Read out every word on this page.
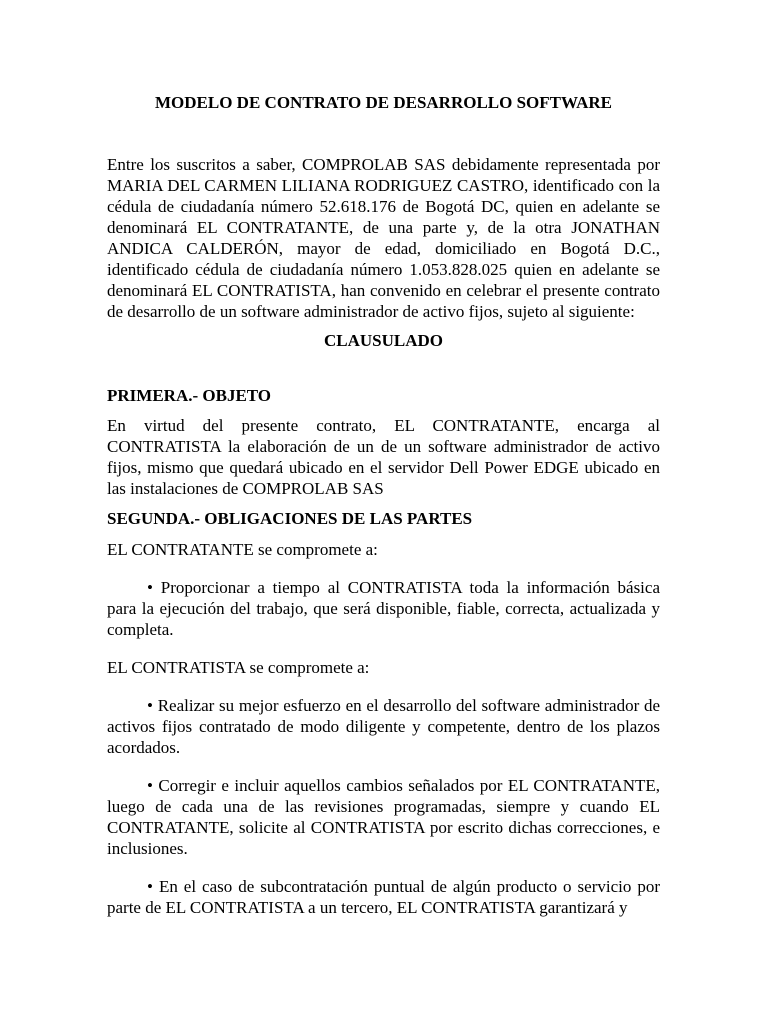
MODELO DE CONTRATO DE DESARROLLO SOFTWARE

Entre los suscritos a saber, COMPROLAB SAS debidamente representada por MARIA DEL CARMEN LILIANA RODRIGUEZ CASTRO, identificado con la cédula de ciudadanía número 52.618.176 de Bogotá DC, quien en adelante se denominará EL CONTRATANTE, de una parte y, de la otra JONATHAN ANDICA CALDERÓN, mayor de edad, domiciliado en Bogotá D.C., identificado cédula de ciudadanía número 1.053.828.025 quien en adelante se denominará EL CONTRATISTA, han convenido en celebrar el presente contrato de desarrollo de un software administrador de activo fijos, sujeto al siguiente:

CLAUSULADO

PRIMERA.- OBJETO

En virtud del presente contrato, EL CONTRATANTE, encarga al CONTRATISTA la elaboración de un de un software administrador de activo fijos, mismo que quedará ubicado en el servidor Dell Power EDGE ubicado en las instalaciones de COMPROLAB SAS

SEGUNDA.- OBLIGACIONES DE LAS PARTES

EL CONTRATANTE se compromete a:

• Proporcionar a tiempo al CONTRATISTA toda la información básica para la ejecución del trabajo, que será disponible, fiable, correcta, actualizada y completa.

EL CONTRATISTA se compromete a:

• Realizar su mejor esfuerzo en el desarrollo del software administrador de activos fijos contratado de modo diligente y competente, dentro de los plazos acordados.

• Corregir e incluir aquellos cambios señalados por EL CONTRATANTE, luego de cada una de las revisiones programadas, siempre y cuando EL CONTRATANTE, solicite al CONTRATISTA por escrito dichas correcciones, e inclusiones.

• En el caso de subcontratación puntual de algún producto o servicio por parte de EL CONTRATISTA a un tercero, EL CONTRATISTA garantizará y
